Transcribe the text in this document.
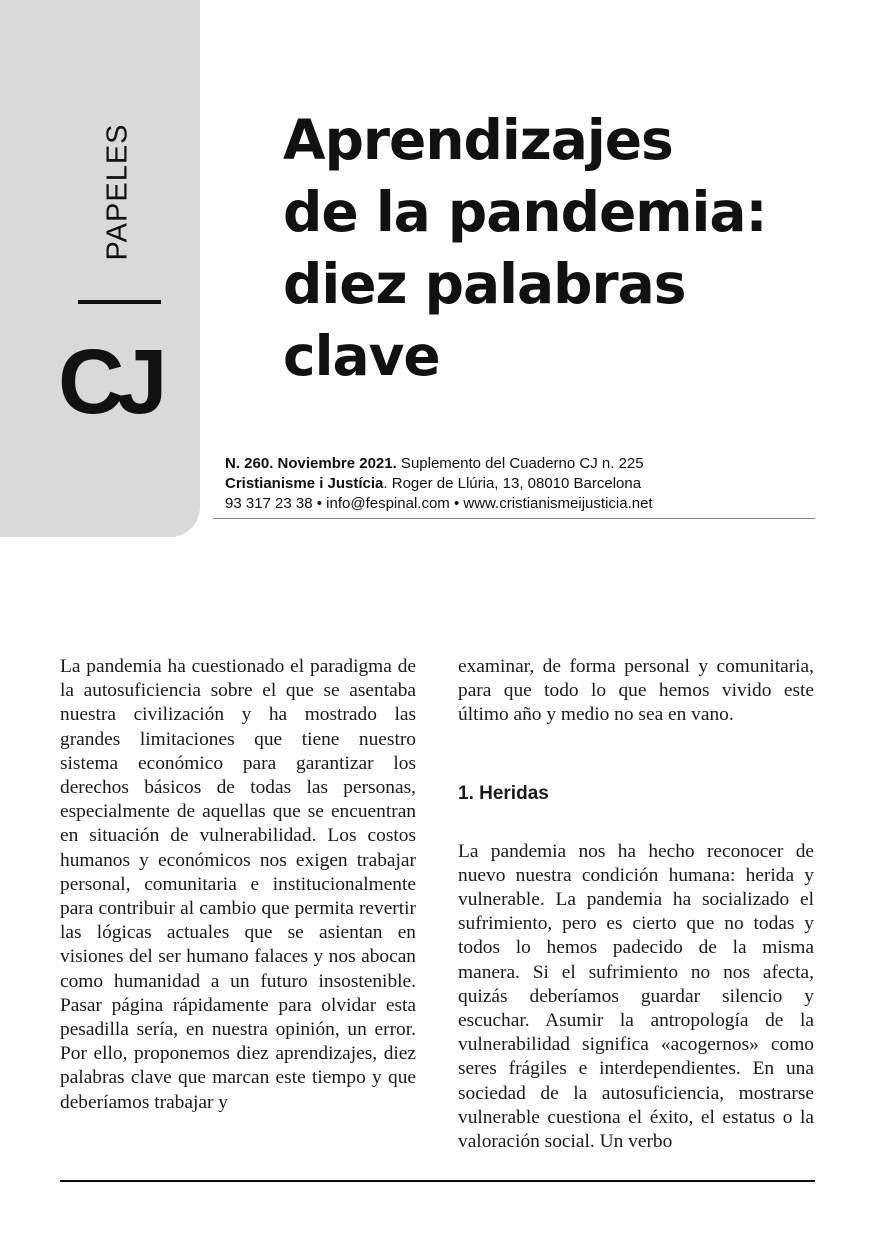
PAPELES
CJ
Aprendizajes
de la pandemia:
diez palabras
clave
N. 260. Noviembre 2021. Suplemento del Cuaderno CJ n. 225
Cristianisme i Justícia. Roger de Llúria, 13, 08010 Barcelona
93 317 23 38 • info@fespinal.com • www.cristianismeijusticia.net

La pandemia ha cuestionado el paradigma de la autosuficiencia sobre el que se asentaba nuestra civilización y ha mostrado las grandes limitaciones que tiene nuestro sistema económico para garantizar los derechos básicos de todas las personas, especialmente de aquellas que se encuentran en situación de vulnerabilidad. Los costos humanos y económicos nos exigen trabajar personal, comunitaria e institucionalmente para contribuir al cambio que permita revertir las lógicas actuales que se asientan en visiones del ser humano falaces y nos abocan como humanidad a un futuro insostenible. Pasar página rápidamente para olvidar esta pesadilla sería, en nuestra opinión, un error. Por ello, proponemos diez aprendizajes, diez palabras clave que marcan este tiempo y que deberíamos trabajar y

examinar, de forma personal y comunitaria, para que todo lo que hemos vivido este último año y medio no sea en vano.

1. Heridas

La pandemia nos ha hecho reconocer de nuevo nuestra condición humana: herida y vulnerable. La pandemia ha socializado el sufrimiento, pero es cierto que no todas y todos lo hemos padecido de la misma manera. Si el sufrimiento no nos afecta, quizás deberíamos guardar silencio y escuchar. Asumir la antropología de la vulnerabilidad significa «acogernos» como seres frágiles e interdependientes. En una sociedad de la autosuficiencia, mostrarse vulnerable cuestiona el éxito, el estatus o la valoración social. Un verbo
